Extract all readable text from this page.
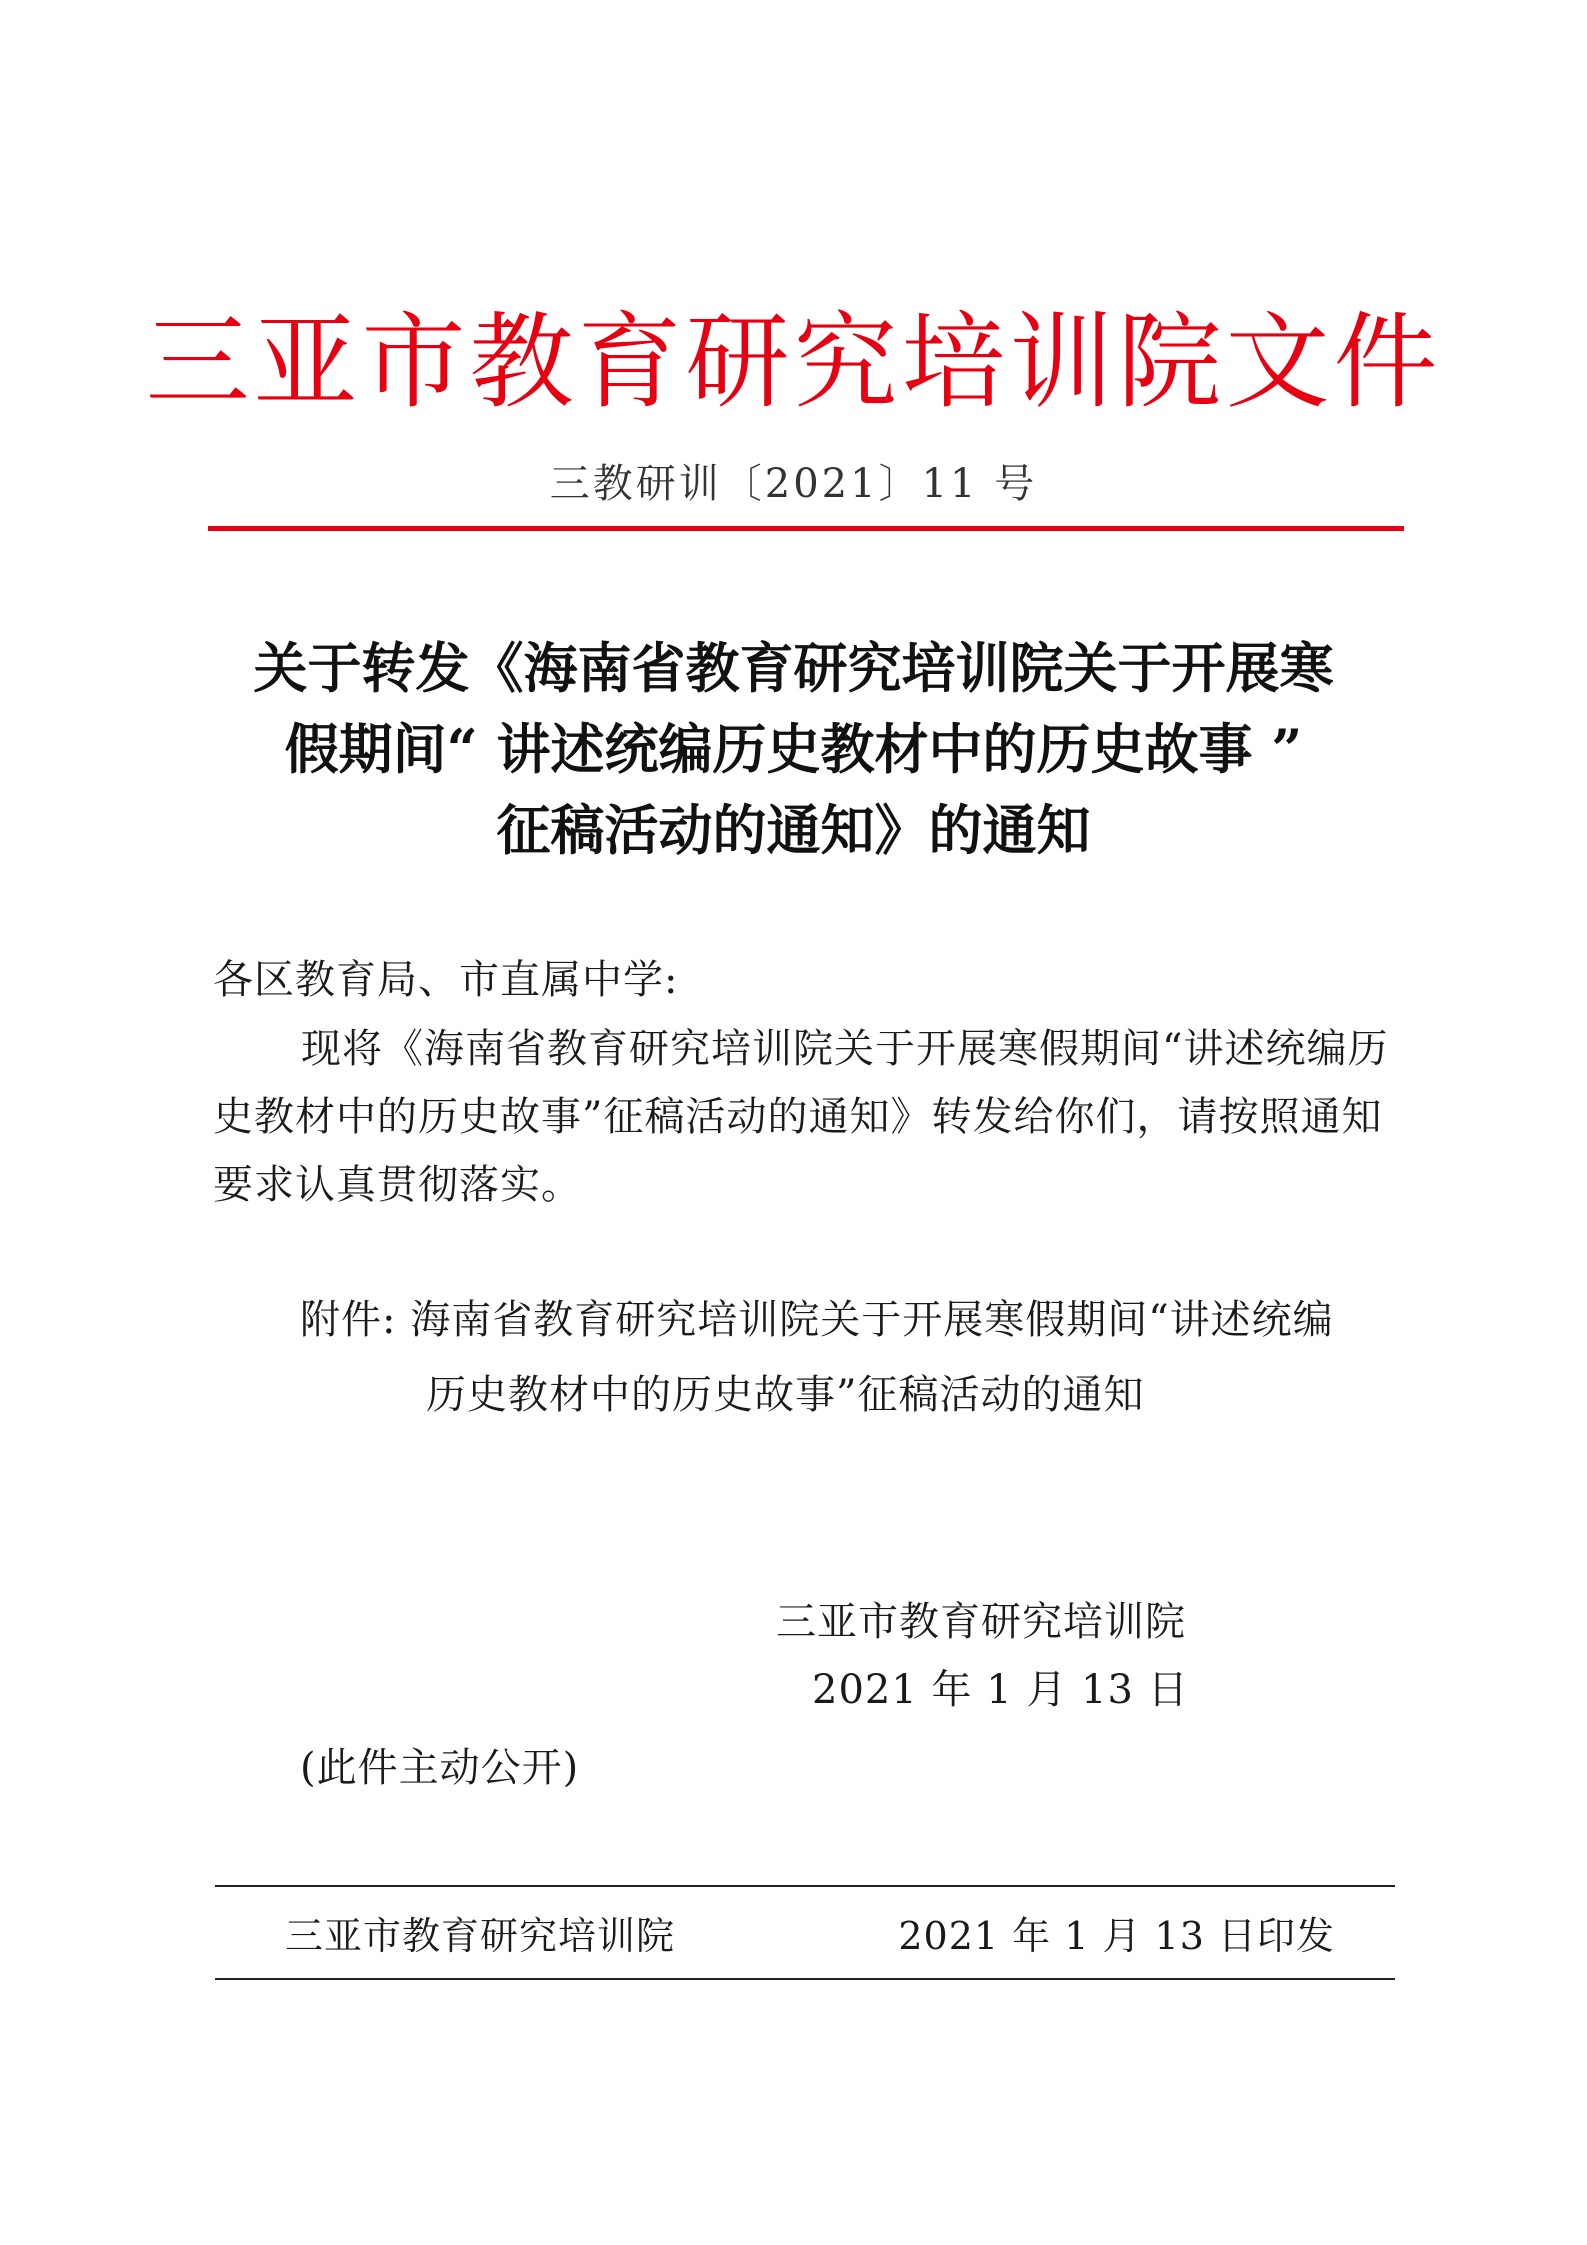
三亚市教育研究培训院文件
三教研训〔2021〕11 号
关于转发《海南省教育研究培训院关于开展寒
假期间“ 讲述统编历史教材中的历史故事 ”
征稿活动的通知》的通知
各区教育局、市直属中学:
现将《海南省教育研究培训院关于开展寒假期间“讲述统编历史教材中的历史故事”征稿活动的通知》转发给你们，请按照通知要求认真贯彻落实。
附件: 海南省教育研究培训院关于开展寒假期间“讲述统编
历史教材中的历史故事”征稿活动的通知
三亚市教育研究培训院
2021 年 1 月 13 日
(此件主动公开)
三亚市教育研究培训院	2021 年 1 月 13 日印发
